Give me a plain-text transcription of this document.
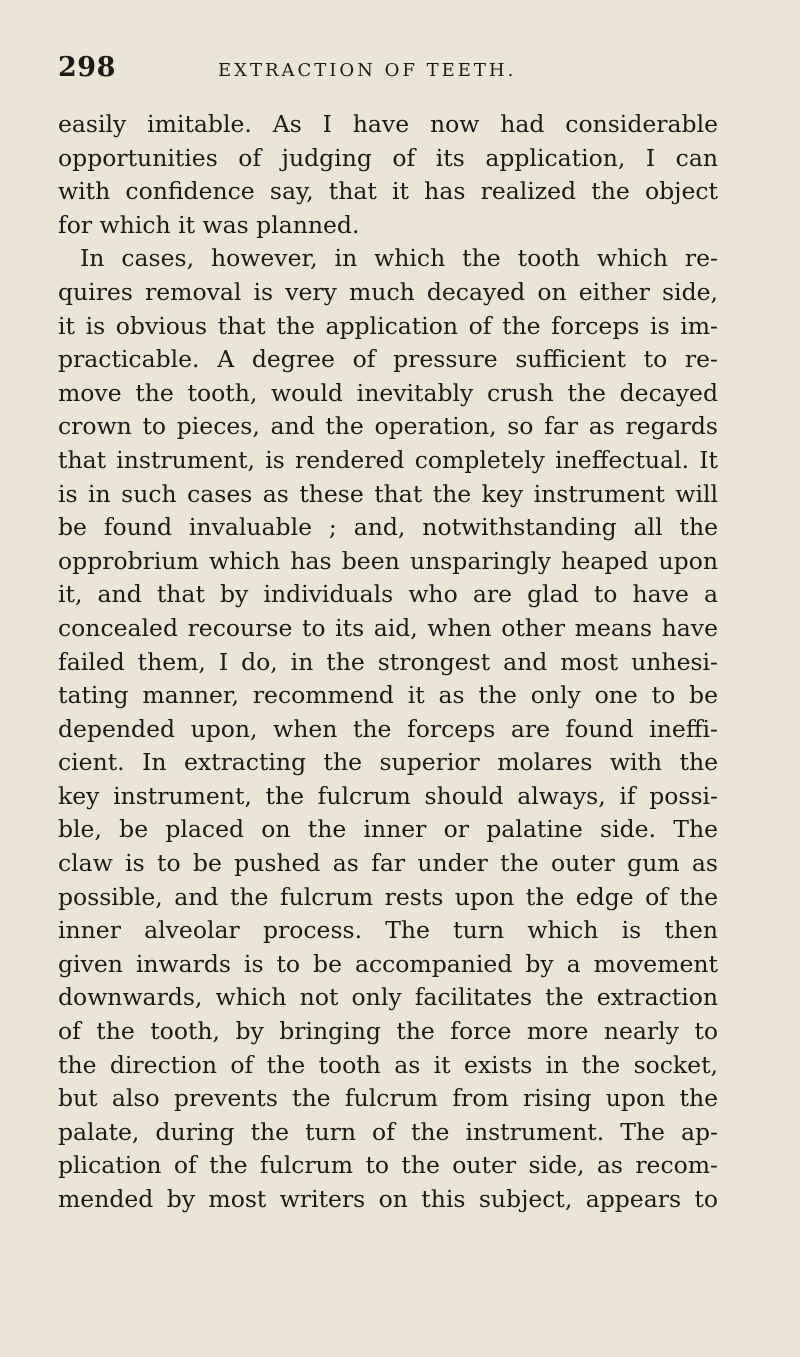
298	EXTRACTION OF TEETH.
easily imitable. As I have now had considerable
opportunities of judging of its application, I can
with confidence say, that it has realized the object
for which it was planned.
In cases, however, in which the tooth which re-
quires removal is very much decayed on either side,
it is obvious that the application of the forceps is im-
practicable. A degree of pressure sufficient to re-
move the tooth, would inevitably crush the decayed
crown to pieces, and the operation, so far as regards
that instrument, is rendered completely ineffectual. It
is in such cases as these that the key instrument will
be found invaluable ; and, notwithstanding all the
opprobrium which has been unsparingly heaped upon
it, and that by individuals who are glad to have a
concealed recourse to its aid, when other means have
failed them, I do, in the strongest and most unhesi-
tating manner, recommend it as the only one to be
depended upon, when the forceps are found ineffi-
cient. In extracting the superior molares with the
key instrument, the fulcrum should always, if possi-
ble, be placed on the inner or palatine side. The
claw is to be pushed as far under the outer gum as
possible, and the fulcrum rests upon the edge of the
inner alveolar process. The turn which is then
given inwards is to be accompanied by a movement
downwards, which not only facilitates the extraction
of the tooth, by bringing the force more nearly to
the direction of the tooth as it exists in the socket,
but also prevents the fulcrum from rising upon the
palate, during the turn of the instrument. The ap-
plication of the fulcrum to the outer side, as recom-
mended by most writers on this subject, appears to
